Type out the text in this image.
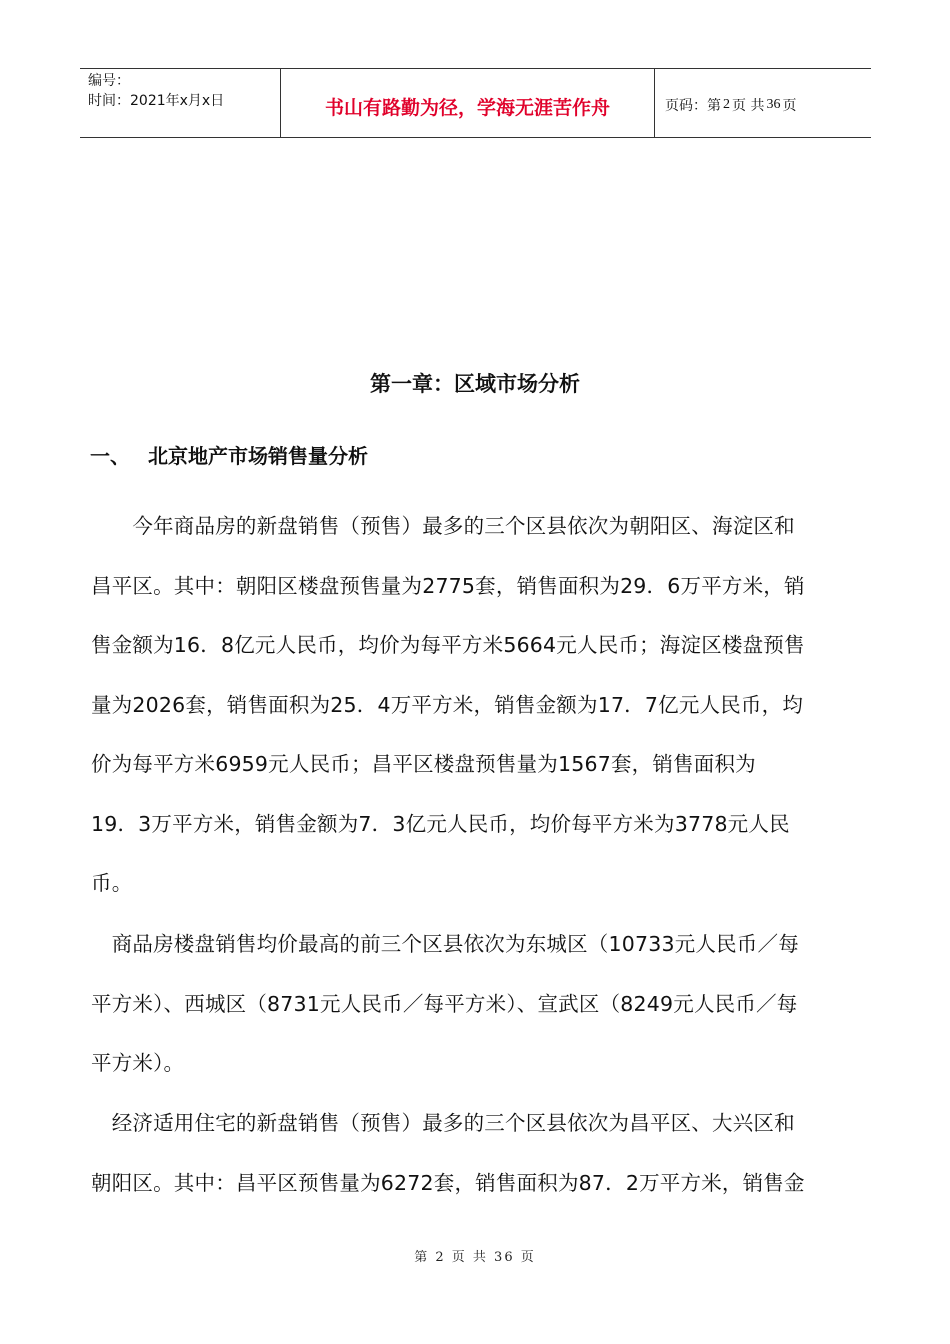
编号：
时间：2021年x月x日	书山有路勤为径，学海无涯苦作舟	页码：第 2 页 共 36 页
第一章：区域市场分析
一、 北京地产市场销售量分析
　　今年商品房的新盘销售（预售）最多的三个区县依次为朝阳区、海淀区和
昌平区。其中：朝阳区楼盘预售量为2775套，销售面积为29．6万平方米，销
售金额为16．8亿元人民币，均价为每平方米5664元人民币；海淀区楼盘预售
量为2026套，销售面积为25．4万平方米，销售金额为17．7亿元人民币，均
价为每平方米6959元人民币；昌平区楼盘预售量为1567套，销售面积为
19．3万平方米，销售金额为7．3亿元人民币，均价每平方米为3778元人民
币。
　商品房楼盘销售均价最高的前三个区县依次为东城区（10733元人民币／每
平方米）、西城区（8731元人民币／每平方米）、宣武区（8249元人民币／每
平方米）。
　经济适用住宅的新盘销售（预售）最多的三个区县依次为昌平区、大兴区和
朝阳区。其中：昌平区预售量为6272套，销售面积为87．2万平方米，销售金
第 2 页 共 36 页
